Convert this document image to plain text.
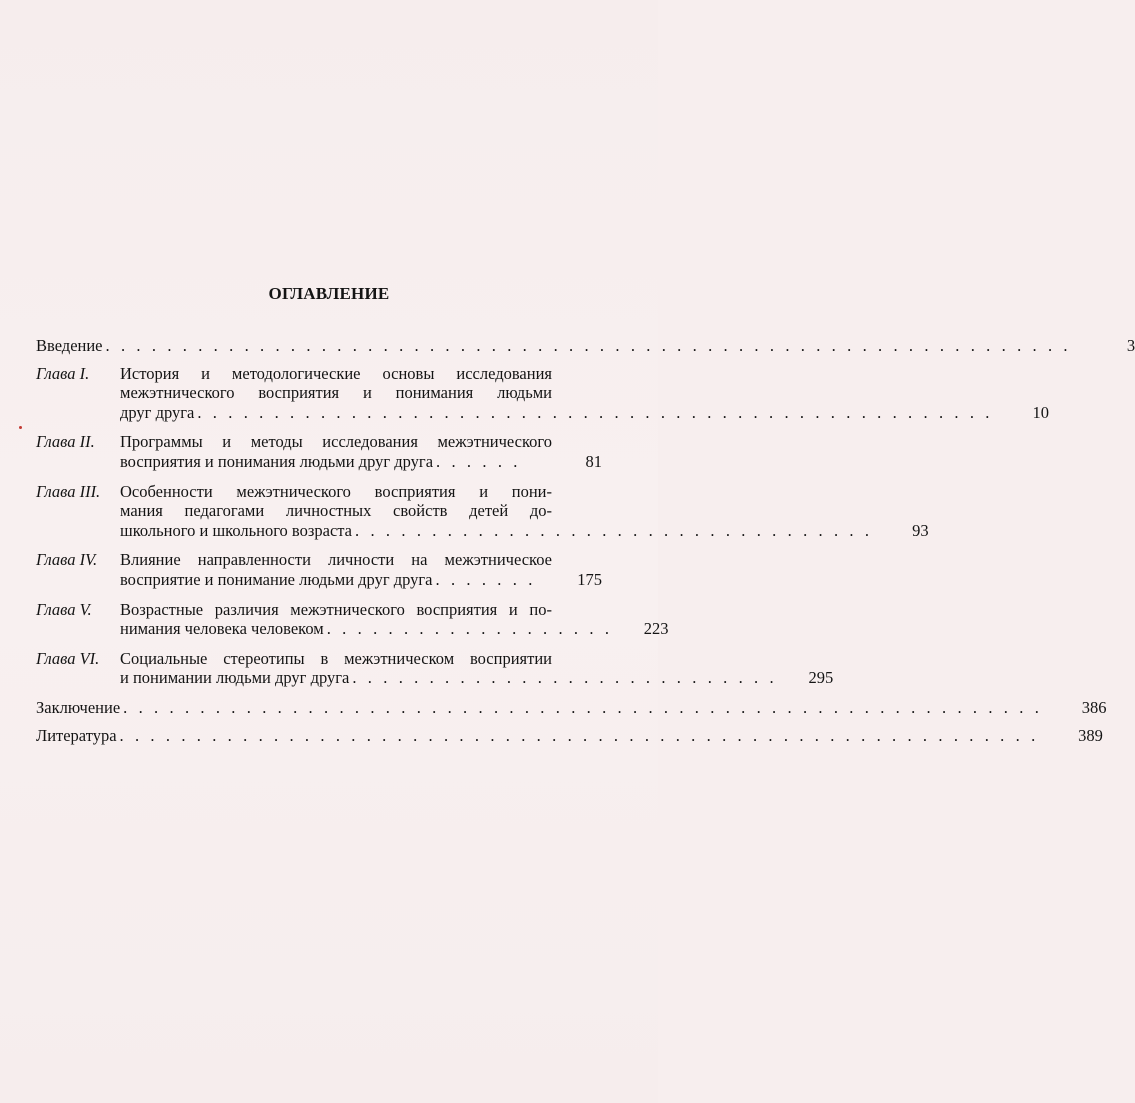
ОГЛАВЛЕНИЕ
Введение . . . . . . . . . . . . . . . . . . . . . . . . . . . . . . . . . . . . . . . . . . . . . . . . . . . . . . . . . . . . . . .	3
Глава I.	История и методологические основы исследования
межэтнического восприятия и понимания людьми
друг друга . . . . . . . . . . . . . . . . . . . . . . . . . . . . . . . . . . . . . . . . . . . . . . . . . . . .	10
Глава II.	Программы и методы исследования межэтнического
восприятия и понимания людьми друг друга . . . . . .	81
Глава III.	Особенности межэтнического восприятия и пони-
мания педагогами личностных свойств детей до-
школьного и школьного возраста . . . . . . . . . . . . . . . . . . . . . . . . . . . . . . . . . .	93
Глава IV.	Влияние направленности личности на межэтническое
восприятие и понимание людьми друг друга . . . . . . .	175
Глава V.	Возрастные различия межэтнического восприятия и по-
нимания человека человеком . . . . . . . . . . . . . . . . . . .	223
Глава VI.	Социальные стереотипы в межэтническом восприятии
и понимании людьми друг друга . . . . . . . . . . . . . . . . . . . . . . . . . . . .	295
Заключение . . . . . . . . . . . . . . . . . . . . . . . . . . . . . . . . . . . . . . . . . . . . . . . . . . . . . . . . . . . .	386
Литература . . . . . . . . . . . . . . . . . . . . . . . . . . . . . . . . . . . . . . . . . . . . . . . . . . . . . . . . . . . .	389
